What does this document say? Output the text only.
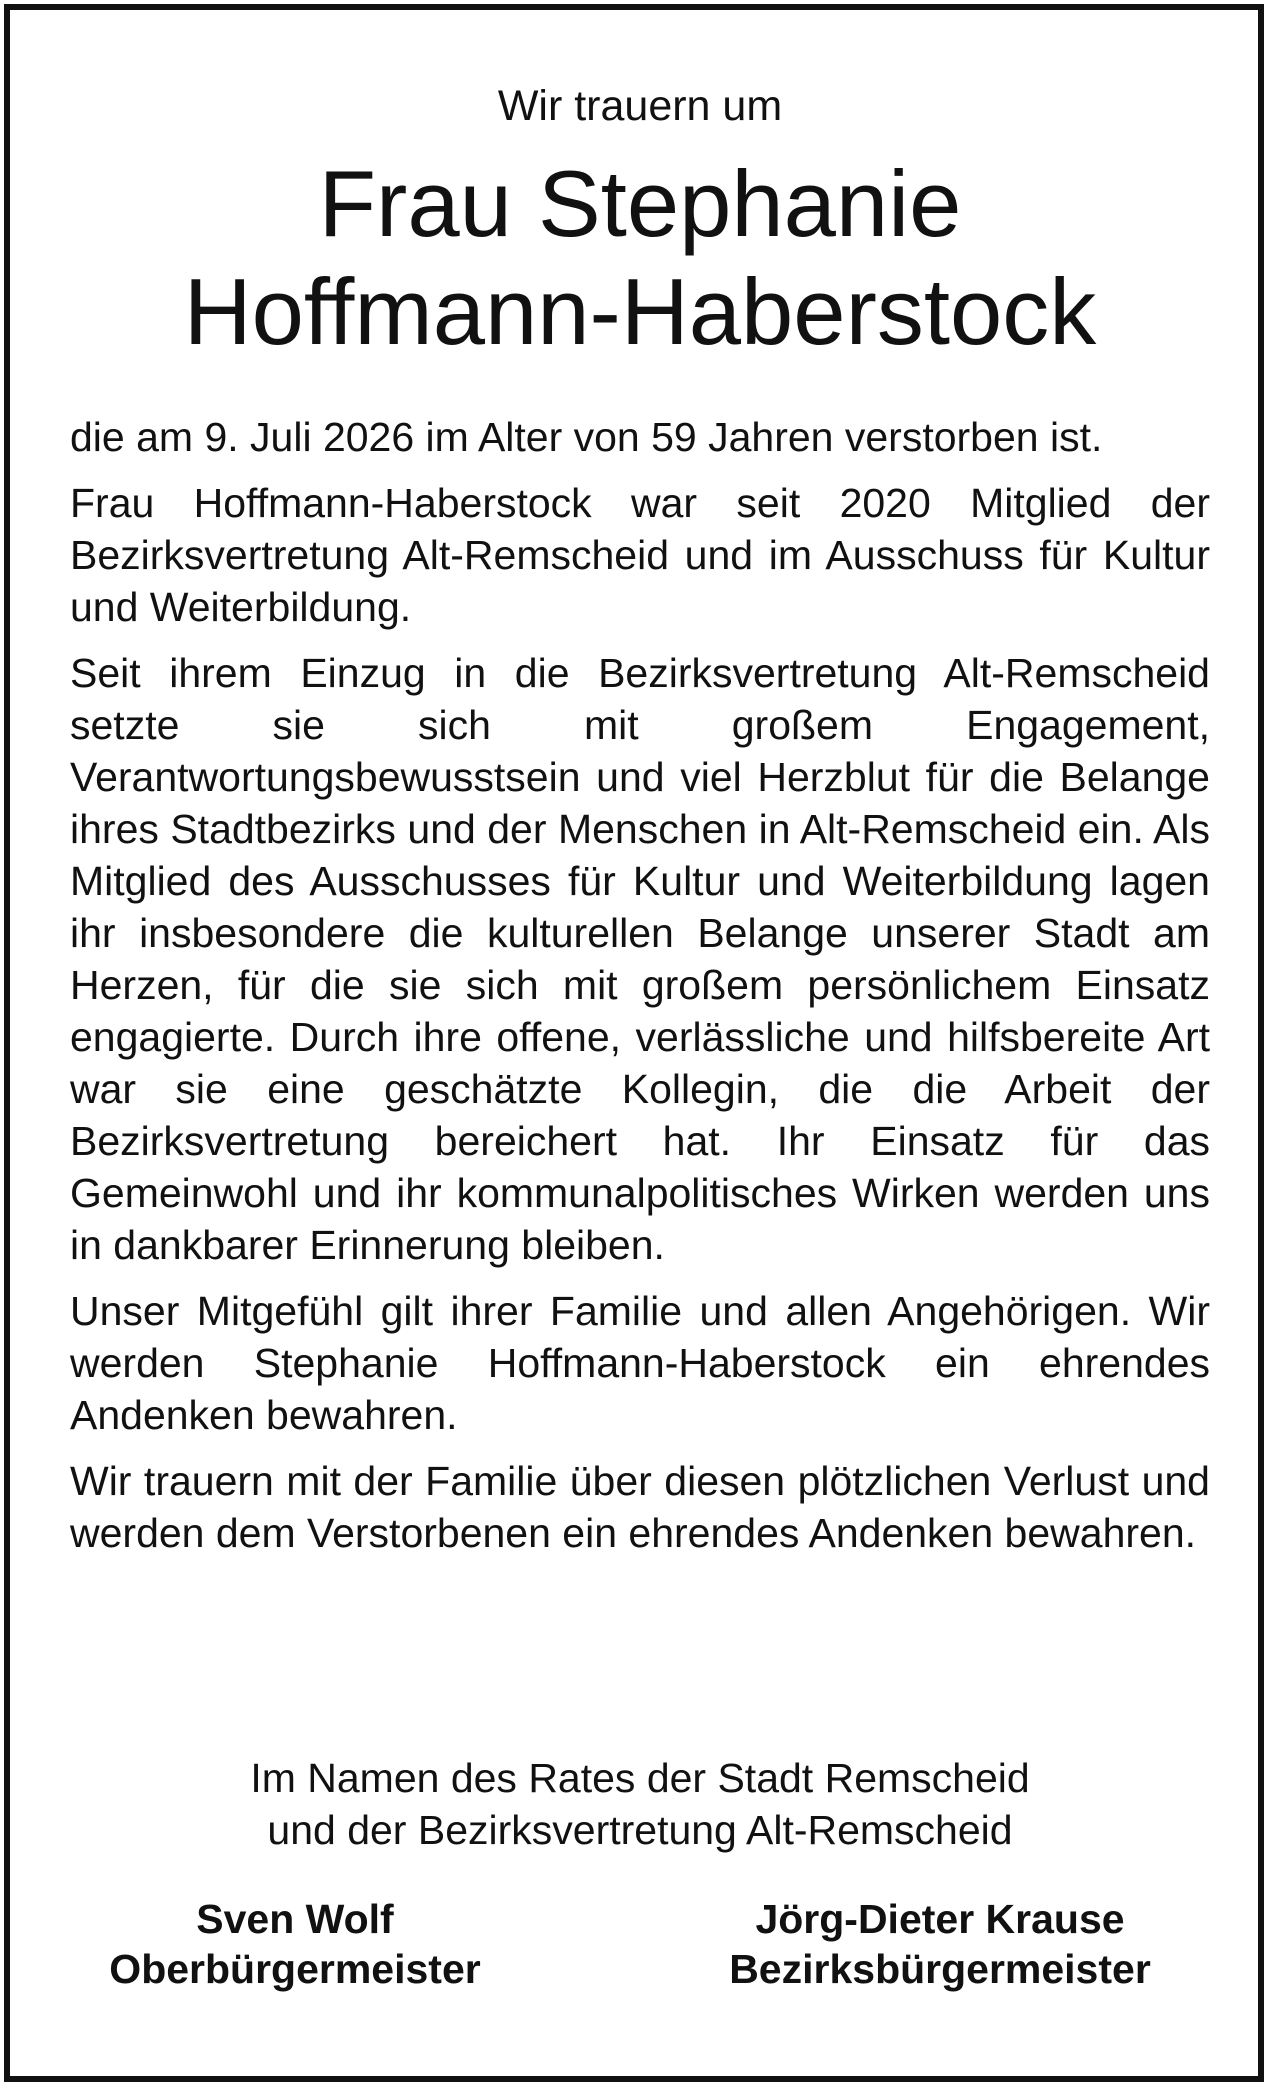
Wir trauern um
Frau Stephanie
Hoffmann-Haberstock

die am 9. Juli 2026 im Alter von 59 Jahren verstorben ist.

Frau Hoffmann-Haberstock war seit 2020 Mitglied der Bezirksvertretung Alt-Remscheid und im Ausschuss für Kultur und Weiterbildung.

Seit ihrem Einzug in die Bezirksvertretung Alt-Remscheid setzte sie sich mit großem Engagement, Verantwortungsbewusstsein und viel Herzblut für die Belange ihres Stadtbezirks und der Menschen in Alt-Remscheid ein. Als Mitglied des Ausschusses für Kultur und Weiterbildung lagen ihr insbesondere die kulturellen Belange unserer Stadt am Herzen, für die sie sich mit großem persönlichem Einsatz engagierte. Durch ihre offene, verlässliche und hilfsbereite Art war sie eine geschätzte Kollegin, die die Arbeit der Bezirksvertretung bereichert hat. Ihr Einsatz für das Gemeinwohl und ihr kommunalpolitisches Wirken werden uns in dankbarer Erinnerung bleiben.

Unser Mitgefühl gilt ihrer Familie und allen Angehörigen. Wir werden Stephanie Hoffmann-Haberstock ein ehrendes Andenken bewahren.

Wir trauern mit der Familie über diesen plötzlichen Verlust und werden dem Verstorbenen ein ehrendes Andenken bewahren.

Im Namen des Rates der Stadt Remscheid
und der Bezirksvertretung Alt-Remscheid
Sven Wolf
Oberbürgermeister
Jörg-Dieter Krause
Bezirksbürgermeister
